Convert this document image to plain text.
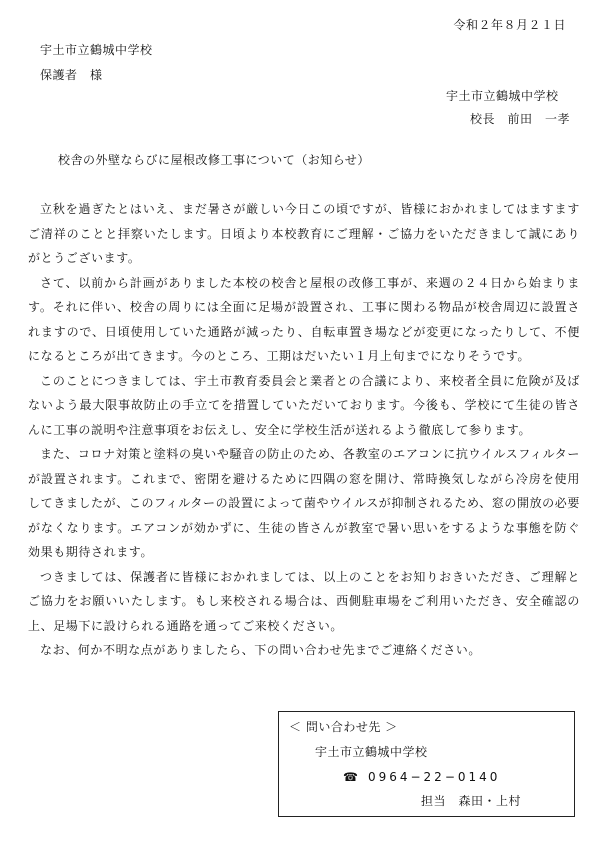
令和２年８月２１日
宇土市立鶴城中学校
保護者　様
宇土市立鶴城中学校
校長　前田　一孝
校舎の外壁ならびに屋根改修工事について（お知らせ）

立秋を過ぎたとはいえ、まだ暑さが厳しい今日この頃ですが、皆様におかれましてはますますご清祥のことと拝察いたします。日頃より本校教育にご理解・ご協力をいただきまして誠にありがとうございます。

さて、以前から計画がありました本校の校舎と屋根の改修工事が、来週の２４日から始まります。それに伴い、校舎の周りには全面に足場が設置され、工事に関わる物品が校舎周辺に設置されますので、日頃使用していた通路が減ったり、自転車置き場などが変更になったりして、不便になるところが出てきます。今のところ、工期はだいたい１月上旬までになりそうです。

このことにつきましては、宇土市教育委員会と業者との合議により、来校者全員に危険が及ばないよう最大限事故防止の手立てを措置していただいております。今後も、学校にて生徒の皆さんに工事の説明や注意事項をお伝えし、安全に学校生活が送れるよう徹底して参ります。

また、コロナ対策と塗料の臭いや騒音の防止のため、各教室のエアコンに抗ウイルスフィルターが設置されます。これまで、密閉を避けるために四隅の窓を開け、常時換気しながら冷房を使用してきましたが、このフィルターの設置によって菌やウイルスが抑制されるため、窓の開放の必要がなくなります。エアコンが効かずに、生徒の皆さんが教室で暑い思いをするような事態を防ぐ効果も期待されます。

つきましては、保護者に皆様におかれましては、以上のことをお知りおきいただき、ご理解とご協力をお願いいたします。もし来校される場合は、西側駐車場をご利用いただき、安全確認の上、足場下に設けられる通路を通ってご来校ください。

なお、何か不明な点がありましたら、下の問い合わせ先までご連絡ください。

＜ 問い合わせ先 ＞
宇土市立鶴城中学校
☎ 0964−22−0140
担当　森田・上村
